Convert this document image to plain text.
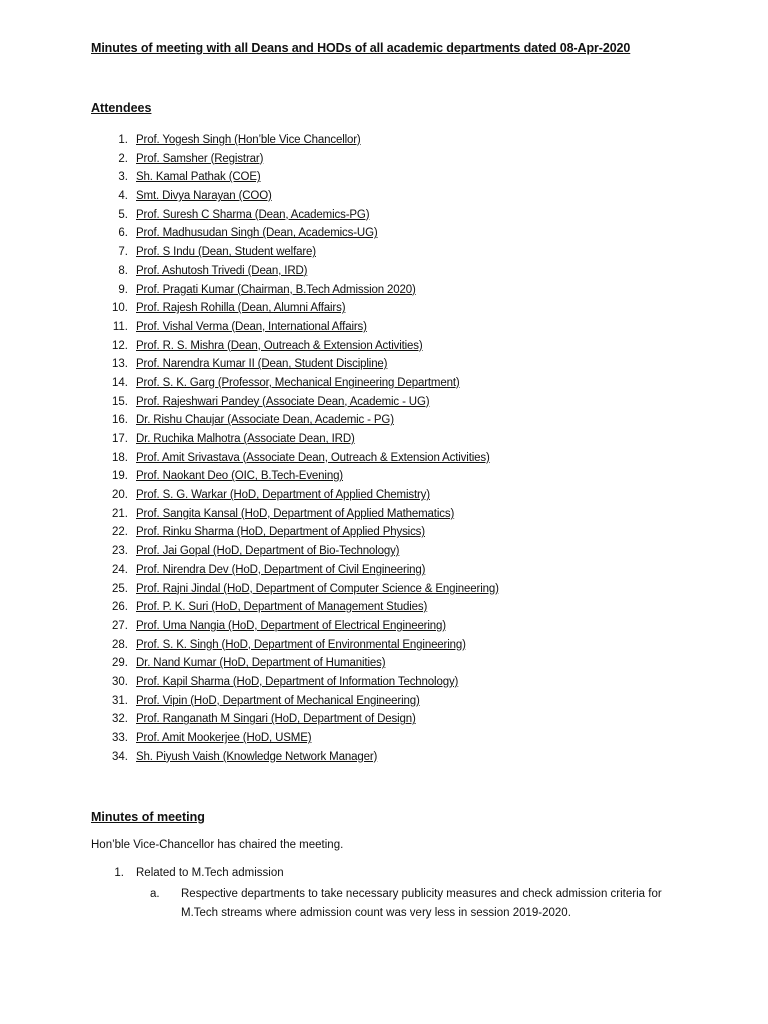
Minutes of meeting with all Deans and HODs of all academic departments dated 08-Apr-2020
Attendees
1 . Prof. Yogesh Singh (Hon’ble Vice Chancellor)
2 . Prof. Samsher (Registrar)
3 . Sh. Kamal Pathak (COE)
4 . Smt. Divya Narayan (COO)
5 . Prof. Suresh C Sharma (Dean, Academics-PG)
6 . Prof. Madhusudan Singh (Dean, Academics-UG)
7 . Prof. S Indu (Dean, Student welfare)
8 . Prof. Ashutosh Trivedi (Dean, IRD)
9 . Prof. Pragati Kumar (Chairman, B.Tech Admission 2020)
10 . Prof. Rajesh Rohilla (Dean, Alumni Affairs)
11 . Prof. Vishal Verma (Dean, International Affairs)
12 . Prof. R. S. Mishra (Dean, Outreach & Extension Activities)
13 . Prof. Narendra Kumar II (Dean, Student Discipline)
14 . Prof. S. K. Garg (Professor, Mechanical Engineering Department)
15 . Prof. Rajeshwari Pandey (Associate Dean, Academic - UG)
16 . Dr. Rishu Chaujar (Associate Dean, Academic - PG)
17 . Dr. Ruchika Malhotra (Associate Dean, IRD)
18 . Prof. Amit Srivastava (Associate Dean, Outreach & Extension Activities)
19 . Prof. Naokant Deo (OIC, B.Tech-Evening)
20 . Prof. S. G. Warkar (HoD, Department of Applied Chemistry)
21 . Prof. Sangita Kansal (HoD, Department of Applied Mathematics)
22 . Prof. Rinku Sharma (HoD, Department of Applied Physics)
23 . Prof. Jai Gopal (HoD, Department of Bio-Technology)
24 . Prof. Nirendra Dev (HoD, Department of Civil Engineering)
25 . Prof. Rajni Jindal (HoD, Department of Computer Science & Engineering)
26 . Prof. P. K. Suri (HoD, Department of Management Studies)
27 . Prof. Uma Nangia (HoD, Department of Electrical Engineering)
28 . Prof. S. K. Singh (HoD, Department of Environmental Engineering)
29 . Dr. Nand Kumar (HoD, Department of Humanities)
30 . Prof. Kapil Sharma (HoD, Department of Information Technology)
31 . Prof. Vipin (HoD, Department of Mechanical Engineering)
32 . Prof. Ranganath M Singari (HoD, Department of Design)
33 . Prof. Amit Mookerjee (HoD, USME)
34 . Sh. Piyush Vaish (Knowledge Network Manager)
Minutes of meeting
Hon’ble Vice-Chancellor has chaired the meeting.
1. Related to M.Tech admission
a.	Respective departments to take necessary publicity measures and check admission criteria for M.Tech streams where admission count was very less in session 2019-2020.
